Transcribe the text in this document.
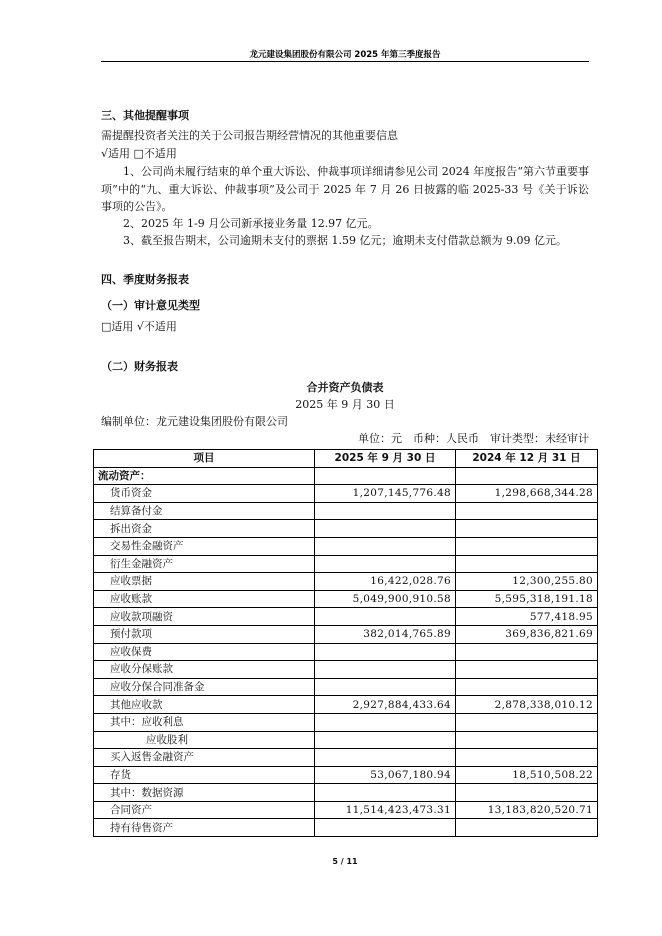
龙元建设集团股份有限公司 2025 年第三季度报告
三、其他提醒事项
需提醒投资者关注的关于公司报告期经营情况的其他重要信息
√适用 □不适用
1、公司尚未履行结束的单个重大诉讼、仲裁事项详细请参见公司 2024 年度报告“第六节重要事项”中的“九、重大诉讼、仲裁事项”及公司于 2025 年 7 月 26 日披露的临 2025-33 号《关于诉讼事项的公告》。
2、2025 年 1-9 月公司新承接业务量 12.97 亿元。
3、截至报告期末，公司逾期未支付的票据 1.59 亿元；逾期未支付借款总额为 9.09 亿元。
四、季度财务报表
（一）审计意见类型
□适用 √不适用
（二）财务报表
合并资产负债表
2025 年 9 月 30 日
编制单位：龙元建设集团股份有限公司
单位：元　币种：人民币　审计类型：未经审计
项目	2025 年 9 月 30 日	2024 年 12 月 31 日
流动资产：		
货币资金	1,207,145,776.48	1,298,668,344.28
结算备付金		
拆出资金		
交易性金融资产		
衍生金融资产		
应收票据	16,422,028.76	12,300,255.80
应收账款	5,049,900,910.58	5,595,318,191.18
应收款项融资		577,418.95
预付款项	382,014,765.89	369,836,821.69
应收保费		
应收分保账款		
应收分保合同准备金		
其他应收款	2,927,884,433.64	2,878,338,010.12
其中：应收利息		
应收股利		
买入返售金融资产		
存货	53,067,180.94	18,510,508.22
其中：数据资源		
合同资产	11,514,423,473.31	13,183,820,520.71
持有待售资产		
5 / 11
